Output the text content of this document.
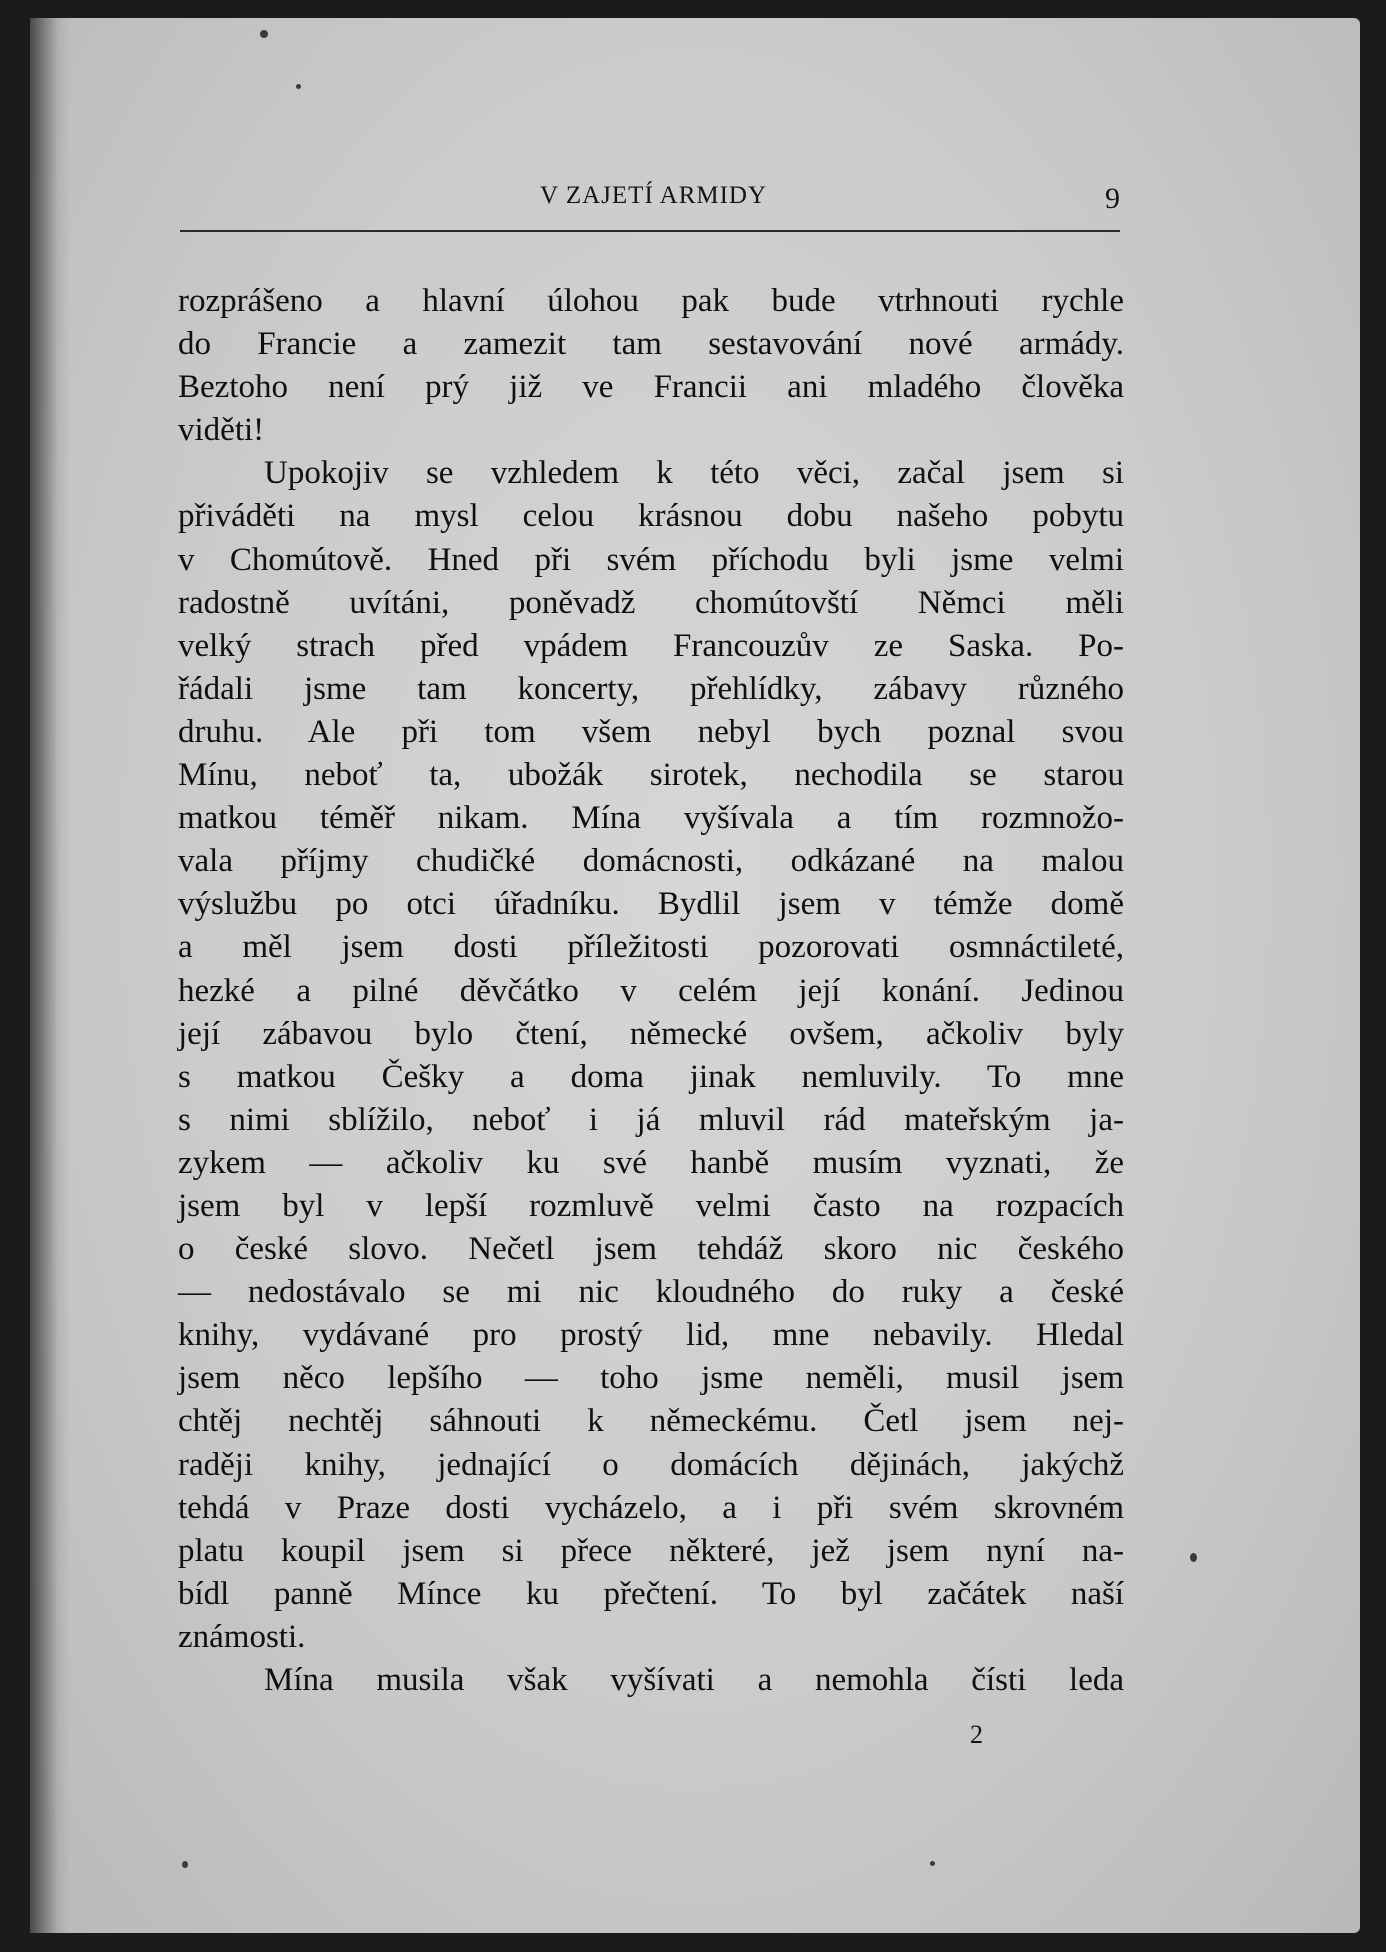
V ZAJETÍ ARMIDY	9
rozprášeno a hlavní úlohou pak bude vtrhnouti rychle
do Francie a zamezit tam sestavování nové armády.
Beztoho není prý již ve Francii ani mladého člověka
viděti!
Upokojiv se vzhledem k této věci, začal jsem si
přiváděti na mysl celou krásnou dobu našeho pobytu
v Chomútově. Hned při svém příchodu byli jsme velmi
radostně uvítáni, poněvadž chomútovští Němci měli
velký strach před vpádem Francouzův ze Saska. Po-
řádali jsme tam koncerty, přehlídky, zábavy různého
druhu. Ale při tom všem nebyl bych poznal svou
Mínu, neboť ta, ubožák sirotek, nechodila se starou
matkou téměř nikam. Mína vyšívala a tím rozmnožo-
vala příjmy chudičké domácnosti, odkázané na malou
výslužbu po otci úřadníku. Bydlil jsem v témže domě
a měl jsem dosti příležitosti pozorovati osmnáctileté,
hezké a pilné děvčátko v celém její konání. Jedinou
její zábavou bylo čtení, německé ovšem, ačkoliv byly
s matkou Češky a doma jinak nemluvily. To mne
s nimi sblížilo, neboť i já mluvil rád mateřským ja-
zykem — ačkoliv ku své hanbě musím vyznati, že
jsem byl v lepší rozmluvě velmi často na rozpacích
o české slovo. Nečetl jsem tehdáž skoro nic českého
— nedostávalo se mi nic kloudného do ruky a české
knihy, vydávané pro prostý lid, mne nebavily. Hledal
jsem něco lepšího — toho jsme neměli, musil jsem
chtěj nechtěj sáhnouti k německému. Četl jsem nej-
raději knihy, jednající o domácích dějinách, jakýchž
tehdá v Praze dosti vycházelo, a i při svém skrovném
platu koupil jsem si přece některé, jež jsem nyní na-
bídl panně Mínce ku přečtení. To byl začátek naší
známosti.
Mína musila však vyšívati a nemohla čísti leda
2
